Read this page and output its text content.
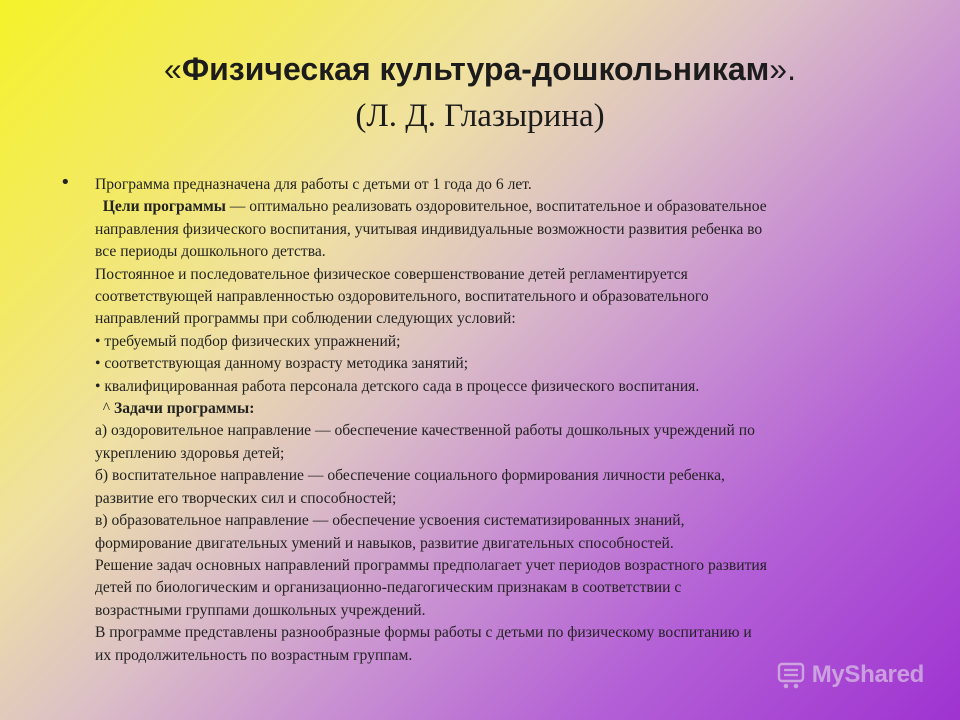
«Физическая культура-дошкольникам».
(Л. Д. Глазырина)
• Программа предназначена для работы с детьми от 1 года до 6 лет.
Цели программы — оптимально реализовать оздоровительное, воспитательное и образовательное
направления физического воспитания, учитывая индивидуальные возможности развития ребенка во
все периоды дошкольного детства.
Постоянное и последовательное физическое совершенствование детей регламентируется
соответствующей направленностью оздоровительного, воспитательного и образовательного
направлений программы при соблюдении следующих условий:
• требуемый подбор физических упражнений;
• соответствующая данному возрасту методика занятий;
• квалифицированная работа персонала детского сада в процессе физического воспитания.
^ Задачи программы:
а) оздоровительное направление — обеспечение качественной работы дошкольных учреждений по
укреплению здоровья детей;
б) воспитательное направление — обеспечение социального формирования личности ребенка,
развитие его творческих сил и способностей;
в) образовательное направление — обеспечение усвоения систематизированных знаний,
формирование двигательных умений и навыков, развитие двигательных способностей.
Решение задач основных направлений программы предполагает учет периодов возрастного развития
детей по биологическим и организационно-педагогическим признакам в соответствии с
возрастными группами дошкольных учреждений.
В программе представлены разнообразные формы работы с детьми по физическому воспитанию и
их продолжительность по возрастным группам.
MyShared
